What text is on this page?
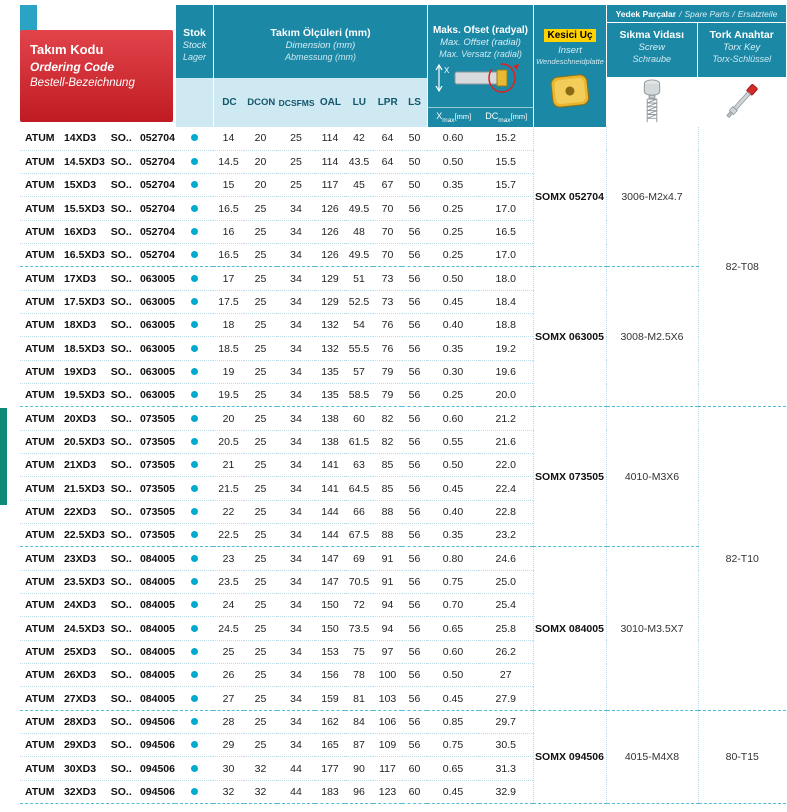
Takım Kodu
Ordering Code
Bestell-Bezeichnung
Stok
Stock
Lager
Takım Ölçüleri (mm)
Dimension (mm)
Abmessung (mm)
DC	DCON DCSFMS OAL	LU	LPR	LS
Maks. Ofset (radyal)
Max. Offset (radial)
Max. Versatz (radial)
X
$X_{max}[mm]$	$DC_{max}[mm]$
Kesici Uç
Insert
Wendeschneidplatte
Yedek Parçalar / Spare Parts / Ersatzteile
Sıkma Vidası
Screw
Schraube
Tork Anahtar
Torx Key
Torx-Schlüssel
ATUM 14XD3 SO.. 052704		14	20	25	114	42	64	50	0.60	15.2	SOMX 052704	3006-M2x4.7	82-T08

ATUM 14.5XD3 SO.. 052704		14.5	20	25	114	43.5	64	50	0.50	15.5			

ATUM 15XD3 SO.. 052704		15	20	25	117	45	67	50	0.35	15.7			

ATUM 15.5XD3 SO.. 052704		16.5	25	34	126	49.5	70	56	0.25	17.0			

ATUM 16XD3 SO.. 052704		16	25	34	126	48	70	56	0.25	16.5			

ATUM 16.5XD3 SO.. 052704		16.5	25	34	126	49.5	70	56	0.25	17.0			

ATUM 17XD3 SO.. 063005		17	25	34	129	51	73	56	0.50	18.0	SOMX 063005	3008-M2.5X6	

ATUM 17.5XD3 SO.. 063005		17.5	25	34	129	52.5	73	56	0.45	18.4			

ATUM 18XD3 SO.. 063005		18	25	34	132	54	76	56	0.40	18.8			

ATUM 18.5XD3 SO.. 063005		18.5	25	34	132	55.5	76	56	0.35	19.2			

ATUM 19XD3 SO.. 063005		19	25	34	135	57	79	56	0.30	19.6			

ATUM 19.5XD3 SO.. 063005		19.5	25	34	135	58.5	79	56	0.25	20.0			

ATUM 20XD3 SO.. 073505		20	25	34	138	60	82	56	0.60	21.2	SOMX 073505	4010-M3X6	82-T10

ATUM 20.5XD3 SO.. 073505		20.5	25	34	138	61.5	82	56	0.55	21.6			

ATUM 21XD3 SO.. 073505		21	25	34	141	63	85	56	0.50	22.0			

ATUM 21.5XD3 SO.. 073505		21.5	25	34	141	64.5	85	56	0.45	22.4			

ATUM 22XD3 SO.. 073505		22	25	34	144	66	88	56	0.40	22.8			

ATUM 22.5XD3 SO.. 073505		22.5	25	34	144	67.5	88	56	0.35	23.2			

ATUM 23XD3 SO.. 084005		23	25	34	147	69	91	56	0.80	24.6	SOMX 084005	3010-M3.5X7	

ATUM 23.5XD3 SO.. 084005		23.5	25	34	147	70.5	91	56	0.75	25.0			

ATUM 24XD3 SO.. 084005		24	25	34	150	72	94	56	0.70	25.4			

ATUM 24.5XD3 SO.. 084005		24.5	25	34	150	73.5	94	56	0.65	25.8			

ATUM 25XD3 SO.. 084005		25	25	34	153	75	97	56	0.60	26.2			

ATUM 26XD3 SO.. 084005		26	25	34	156	78	100	56	0.50	27			

ATUM 27XD3 SO.. 084005		27	25	34	159	81	103	56	0.45	27.9			

ATUM 28XD3 SO.. 094506		28	25	34	162	84	106	56	0.85	29.7	SOMX 094506	4015-M4X8	80-T15

ATUM 29XD3 SO.. 094506		29	25	34	165	87	109	56	0.75	30.5			

ATUM 30XD3 SO.. 094506		30	32	44	177	90	117	60	0.65	31.3			

ATUM 32XD3 SO.. 094506		32	32	44	183	96	123	60	0.45	32.9			
